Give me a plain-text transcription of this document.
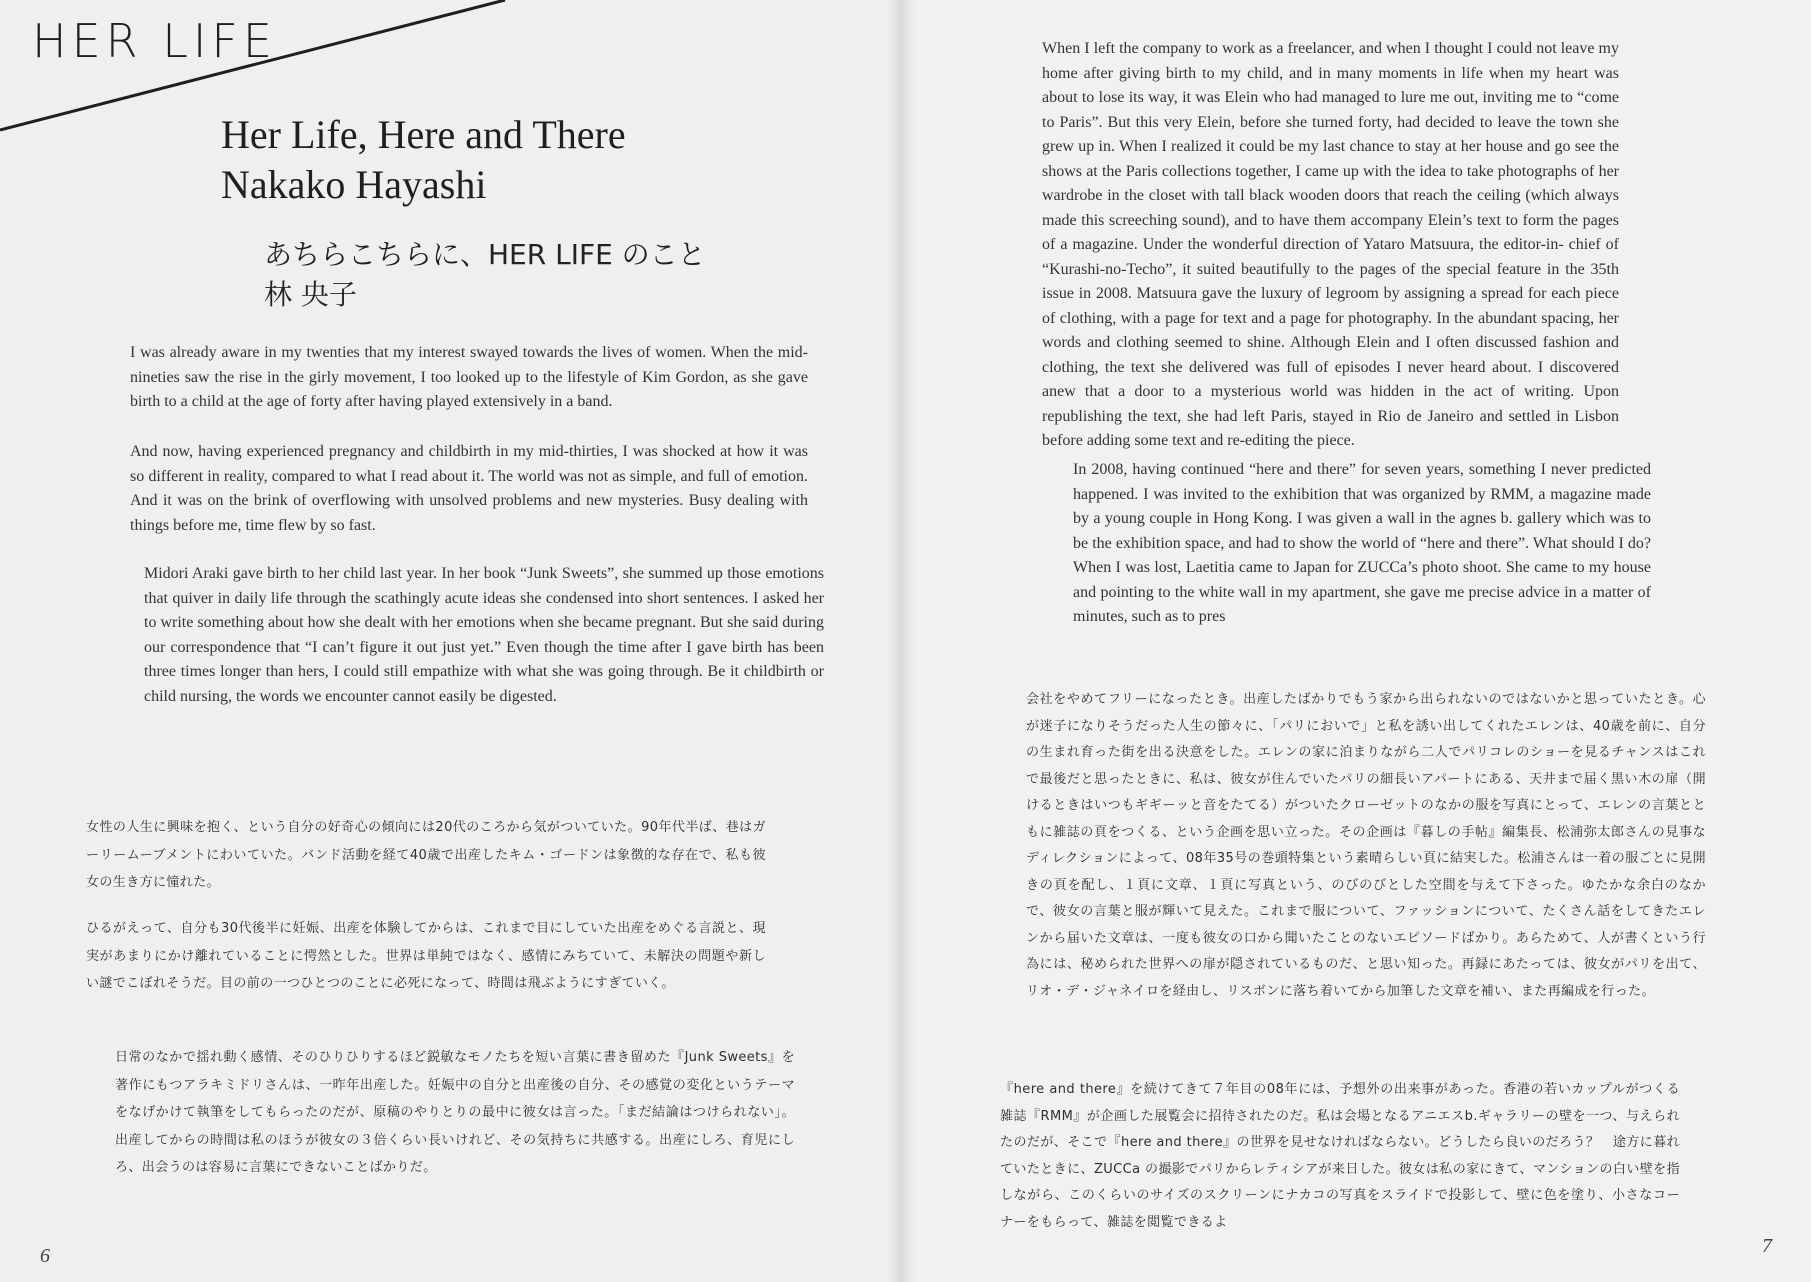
HER LIFE
Her Life, Here and There
Nakako Hayashi
あちらこちらに、HER LIFE のこと
林 央子

I was already aware in my twenties that my interest swayed towards the lives of women. When the mid-nineties saw the rise in the girly movement, I too looked up to the lifestyle of Kim Gordon, as she gave birth to a child at the age of forty after having played extensively in a band.

And now, having experienced pregnancy and childbirth in my mid-thirties, I was shocked at how it was so different in reality, compared to what I read about it. The world was not as simple, and full of emotion. And it was on the brink of overflowing with unsolved problems and new mysteries. Busy dealing with things before me, time flew by so fast.

Midori Araki gave birth to her child last year. In her book “Junk Sweets”, she summed up those emotions that quiver in daily life through the scathingly acute ideas she condensed into short sentences. I asked her to write something about how she dealt with her emotions when she became pregnant. But she said during our correspondence that “I can’t figure it out just yet.” Even though the time after I gave birth has been three times longer than hers, I could still empathize with what she was going through. Be it childbirth or child nursing, the words we encounter cannot easily be digested.

女性の人生に興味を抱く、という自分の好奇心の傾向には20代のころから気がついていた。90年代半ば、巷はガーリームーブメントにわいていた。バンド活動を経て40歳で出産したキム・ゴードンは象徴的な存在で、私も彼女の生き方に憧れた。

ひるがえって、自分も30代後半に妊娠、出産を体験してからは、これまで目にしていた出産をめぐる言説と、現実があまりにかけ離れていることに愕然とした。世界は単純ではなく、感情にみちていて、未解決の問題や新しい謎でこぼれそうだ。目の前の一つひとつのことに必死になって、時間は飛ぶようにすぎていく。

日常のなかで揺れ動く感情、そのひりひりするほど鋭敏なモノたちを短い言葉に書き留めた『Junk Sweets』を著作にもつアラキミドリさんは、一昨年出産した。妊娠中の自分と出産後の自分、その感覚の変化というテーマをなげかけて執筆をしてもらったのだが、原稿のやりとりの最中に彼女は言った。「まだ結論はつけられない」。出産してからの時間は私のほうが彼女の３倍くらい長いけれど、その気持ちに共感する。出産にしろ、育児にしろ、出会うのは容易に言葉にできないことばかりだ。

6

When I left the company to work as a freelancer, and when I thought I could not leave my home after giving birth to my child, and in many moments in life when my heart was about to lose its way, it was Elein who had managed to lure me out, inviting me to “come to Paris”. But this very Elein, before she turned forty, had decided to leave the town she grew up in. When I realized it could be my last chance to stay at her house and go see the shows at the Paris collections together, I came up with the idea to take photographs of her wardrobe in the closet with tall black wooden doors that reach the ceiling (which always made this screeching sound), and to have them accompany Elein’s text to form the pages of a magazine. Under the wonderful direction of Yataro Matsuura, the editor-in- chief of “Kurashi-no-Techo”, it suited beautifully to the pages of the special feature in the 35th issue in 2008. Matsuura gave the luxury of legroom by assigning a spread for each piece of clothing, with a page for text and a page for photography. In the abundant spacing, her words and clothing seemed to shine. Although Elein and I often discussed fashion and clothing, the text she delivered was full of episodes I never heard about. I discovered anew that a door to a mysterious world was hidden in the act of writing. Upon republishing the text, she had left Paris, stayed in Rio de Janeiro and settled in Lisbon before adding some text and re-editing the piece.

In 2008, having continued “here and there” for seven years, something I never predicted happened. I was invited to the exhibition that was organized by RMM, a magazine made by a young couple in Hong Kong. I was given a wall in the agnes b. gallery which was to be the exhibition space, and had to show the world of “here and there”. What should I do? When I was lost, Laetitia came to Japan for ZUCCa’s photo shoot. She came to my house and pointing to the white wall in my apartment, she gave me precise advice in a matter of minutes, such as to pres

会社をやめてフリーになったとき。出産したばかりでもう家から出られないのではないかと思っていたとき。心が迷子になりそうだった人生の節々に、「パリにおいで」と私を誘い出してくれたエレンは、40歳を前に、自分の生まれ育った街を出る決意をした。エレンの家に泊まりながら二人でパリコレのショーを見るチャンスはこれで最後だと思ったときに、私は、彼女が住んでいたパリの細長いアパートにある、天井まで届く黒い木の扉（開けるときはいつもギギーッと音をたてる）がついたクローゼットのなかの服を写真にとって、エレンの言葉とともに雑誌の頁をつくる、という企画を思い立った。その企画は『暮しの手帖』編集長、松浦弥太郎さんの見事なディレクションによって、08年35号の巻頭特集という素晴らしい頁に結実した。松浦さんは一着の服ごとに見開きの頁を配し、１頁に文章、１頁に写真という、のびのびとした空間を与えて下さった。ゆたかな余白のなかで、彼女の言葉と服が輝いて見えた。これまで服について、ファッションについて、たくさん話をしてきたエレンから届いた文章は、一度も彼女の口から聞いたことのないエピソードばかり。あらためて、人が書くという行為には、秘められた世界への扉が隠されているものだ、と思い知った。再録にあたっては、彼女がパリを出て、リオ・デ・ジャネイロを経由し、リスボンに落ち着いてから加筆した文章を補い、また再編成を行った。

『here and there』を続けてきて７年目の08年には、予想外の出来事があった。香港の若いカップルがつくる雑誌『RMM』が企画した展覧会に招待されたのだ。私は会場となるアニエスb.ギャラリーの壁を一つ、与えられたのだが、そこで『here and there』の世界を見せなければならない。どうしたら良いのだろう？　途方に暮れていたときに、ZUCCa の撮影でパリからレティシアが来日した。彼女は私の家にきて、マンションの白い壁を指しながら、このくらいのサイズのスクリーンにナカコの写真をスライドで投影して、壁に色を塗り、小さなコーナーをもらって、雑誌を閲覧できるよ

7
